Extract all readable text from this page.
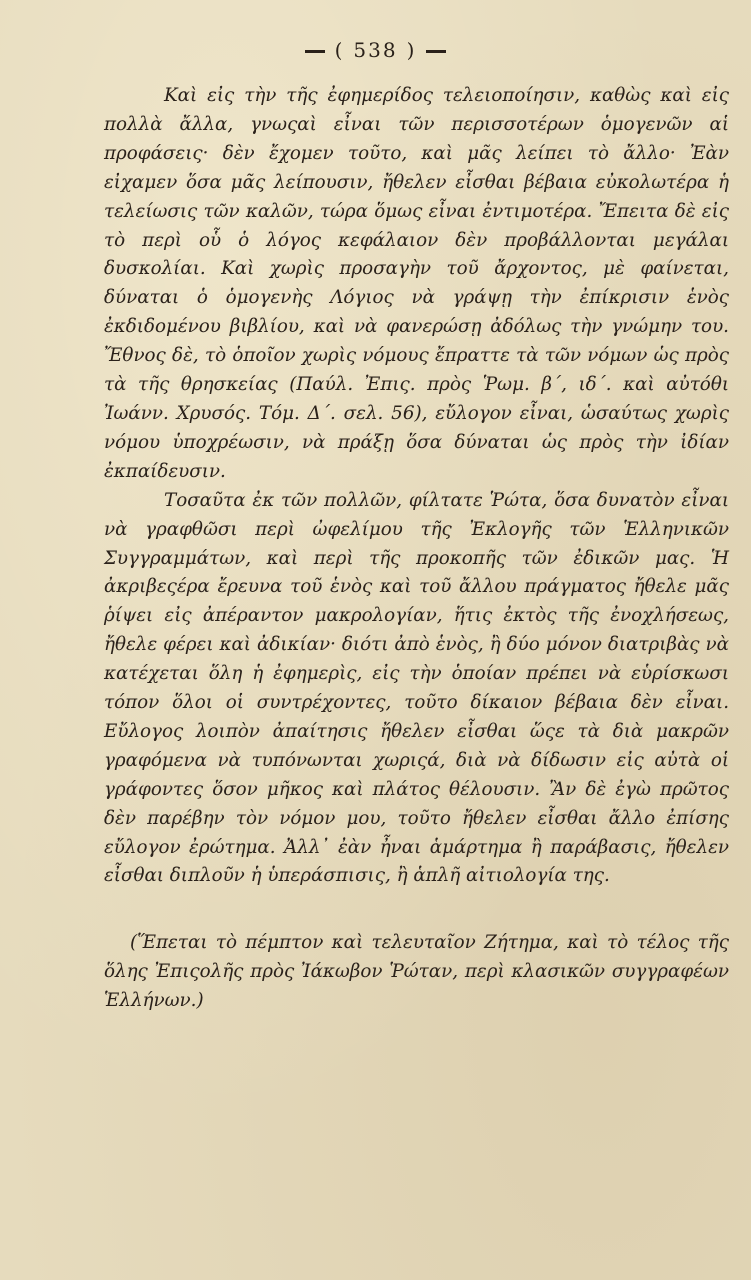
( 538 )

Καὶ εἰς τὴν τῆς ἐφημερίδος τελειοποίησιν, καθὼς καὶ εἰς πολλὰ ἄλλα, γνωςαὶ εἶναι τῶν περισσοτέρων ὁμογενῶν αἱ προφάσεις· δὲν ἔχομεν τοῦτο, καὶ μᾶς λείπει τὸ ἄλλο· Ἐὰν εἰχαμεν ὅσα μᾶς λείπουσιν, ἤθελεν εἶσθαι βέβαια εὐκολωτέρα ἡ τελείωσις τῶν καλῶν, τώρα ὅμως εἶναι ἐντιμοτέρα. Ἔπειτα δὲ εἰς τὸ περὶ οὗ ὁ λόγος κεφάλαιον δὲν προβάλλονται μεγάλαι δυσκολίαι. Καὶ χωρὶς προσαγὴν τοῦ ἄρχοντος, μὲ φαίνεται, δύναται ὁ ὁμογενὴς Λόγιος νὰ γράψῃ τὴν ἐπίκρισιν ἑνὸς ἐκδιδομένου βιβλίου, καὶ νὰ φανερώσῃ ἀδόλως τὴν γνώμην του. Ἔθνος δὲ, τὸ ὁποῖον χωρὶς νόμους ἔπραττε τὰ τῶν νόμων ὡς πρὸς τὰ τῆς θρησκείας (Παύλ. Ἐπις. πρὸς Ῥωμ. β΄, ιδ΄. καὶ αὐτόθι Ἰωάνν. Χρυσός. Τόμ. Δ΄. σελ. 56), εὔλογον εἶναι, ὡσαύτως χωρὶς νόμου ὑποχρέωσιν, νὰ πράξῃ ὅσα δύναται ὡς πρὸς τὴν ἰδίαν ἐκπαίδευσιν.

Τοσαῦτα ἐκ τῶν πολλῶν, φίλτατε Ῥώτα, ὅσα δυνατὸν εἶναι νὰ γραφθῶσι περὶ ὠφελίμου τῆς Ἐκλογῆς τῶν Ἑλληνικῶν Συγγραμμάτων, καὶ περὶ τῆς προκοπῆς τῶν ἐδικῶν μας. Ἡ ἀκριβεςέρα ἔρευνα τοῦ ἑνὸς καὶ τοῦ ἄλλου πράγματος ἤθελε μᾶς ῥίψει εἰς ἀπέραντον μακρολογίαν, ἥτις ἐκτὸς τῆς ἐνοχλήσεως, ἤθελε φέρει καὶ ἀδικίαν· διότι ἀπὸ ἑνὸς, ἢ δύο μόνον διατριβὰς νὰ κατέχεται ὅλη ἡ ἐφημερὶς, εἰς τὴν ὁποίαν πρέπει νὰ εὑρίσκωσι τόπον ὅλοι οἱ συντρέχοντες, τοῦτο δίκαιον βέβαια δὲν εἶναι. Εὔλογος λοιπὸν ἀπαίτησις ἤθελεν εἶσθαι ὥςε τὰ διὰ μακρῶν γραφόμενα νὰ τυπόνωνται χωριςά, διὰ νὰ δίδωσιν εἰς αὐτὰ οἱ γράφοντες ὅσον μῆκος καὶ πλάτος θέλουσιν. Ἂν δὲ ἐγὼ πρῶτος δὲν παρέβην τὸν νόμον μου, τοῦτο ἤθελεν εἶσθαι ἄλλο ἐπίσης εὔλογον ἐρώτημα. Ἀλλ᾽ ἐὰν ἦναι ἁμάρτημα ἢ παράβασις, ἤθελεν εἶσθαι διπλοῦν ἡ ὑπεράσπισις, ἢ ἁπλῆ αἰτιολογία της.

(Ἕπεται τὸ πέμπτον καὶ τελευταῖον Ζήτημα, καὶ τὸ τέλος τῆς ὅλης Ἐπιςολῆς πρὸς Ἰάκωβον Ῥώταν, περὶ κλασικῶν συγγραφέων Ἑλλήνων.)
